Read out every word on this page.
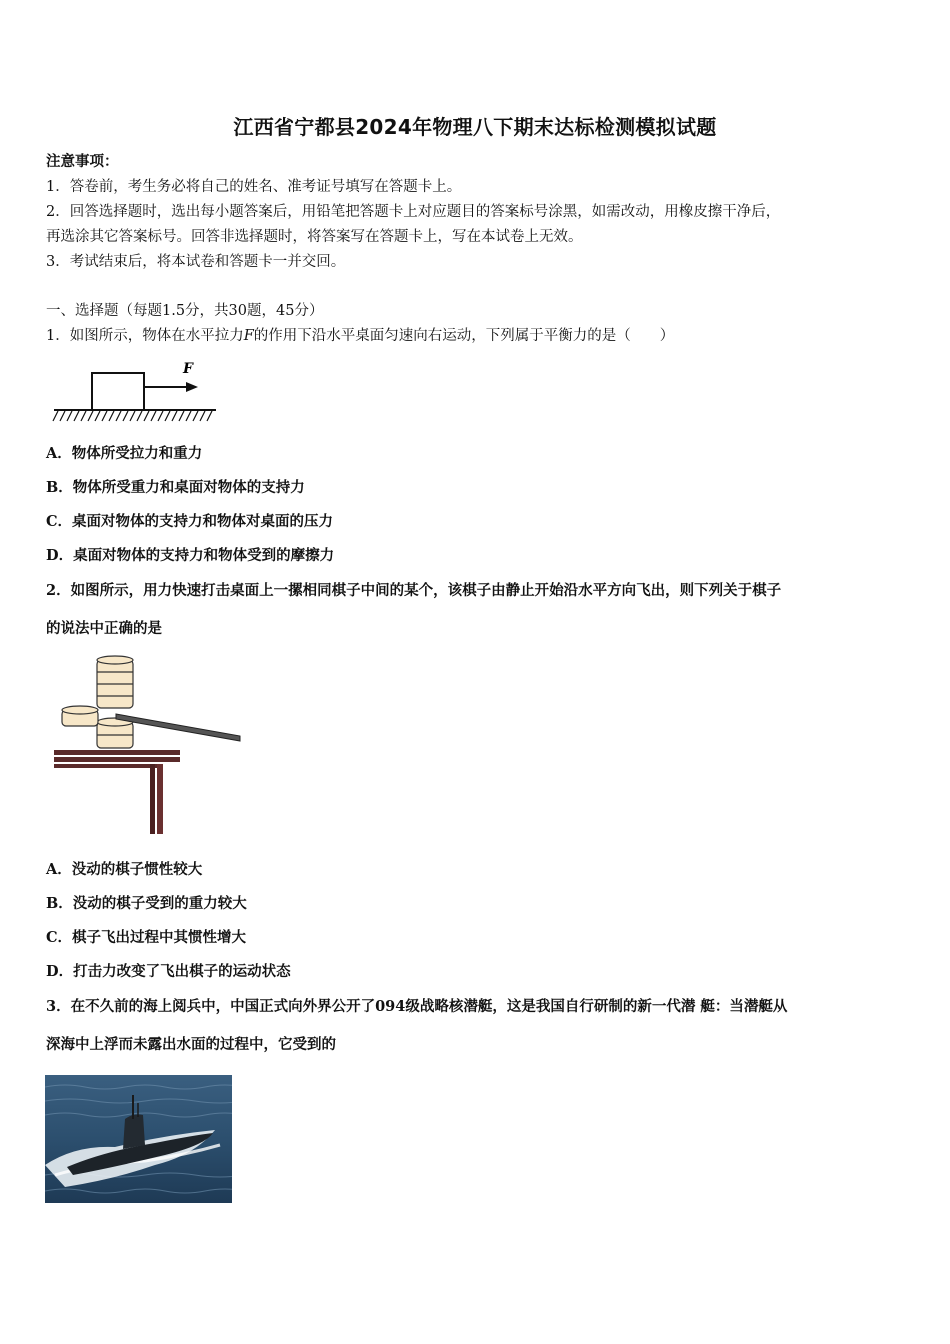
江西省宁都县2024年物理八下期末达标检测模拟试题
注意事项：
1．答卷前，考生务必将自己的姓名、准考证号填写在答题卡上。
2．回答选择题时，选出每小题答案后，用铅笔把答题卡上对应题目的答案标号涂黑，如需改动，用橡皮擦干净后，
再选涂其它答案标号。回答非选择题时，将答案写在答题卡上，写在本试卷上无效。
3．考试结束后，将本试卷和答题卡一并交回。
一、选择题（每题1.5分，共30题，45分）
1．如图所示，物体在水平拉力F的作用下沿水平桌面匀速向右运动，下列属于平衡力的是（　　）
F
A．物体所受拉力和重力
B．物体所受重力和桌面对物体的支持力
C．桌面对物体的支持力和物体对桌面的压力
D．桌面对物体的支持力和物体受到的摩擦力
2．如图所示，用力快速打击桌面上一摞相同棋子中间的某个，该棋子由静止开始沿水平方向飞出，则下列关于棋子
的说法中正确的是
A．没动的棋子惯性较大
B．没动的棋子受到的重力较大
C．棋子飞出过程中其惯性增大
D．打击力改变了飞出棋子的运动状态
3．在不久前的海上阅兵中，中国正式向外界公开了094级战略核潜艇，这是我国自行研制的新一代潜 艇：当潜艇从
深海中上浮而未露出水面的过程中，它受到的
